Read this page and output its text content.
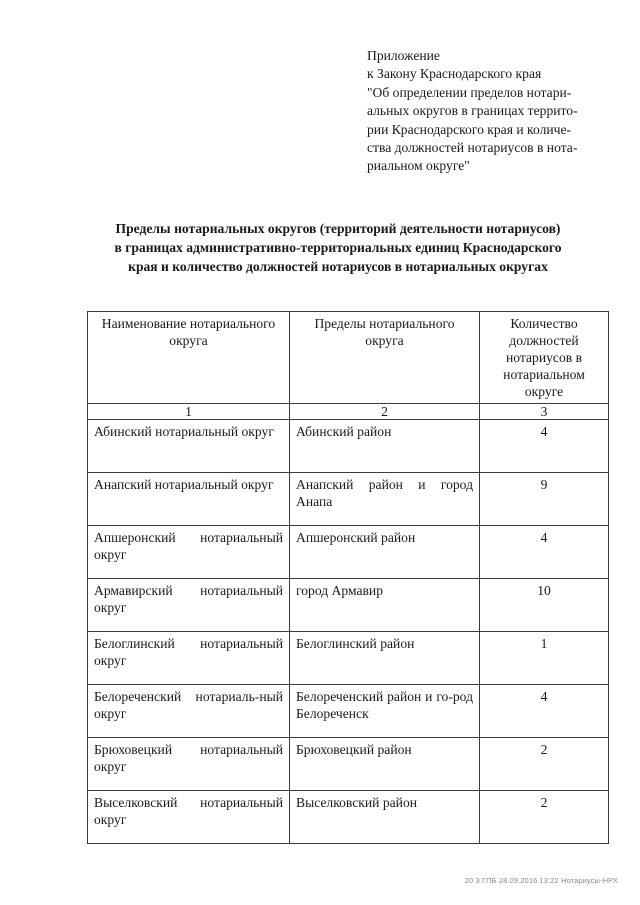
Приложение
к Закону Краснодарского края
"Об определении пределов нотари-
альных округов в границах террито-
рии Краснодарского края и количе-
ства должностей нотариусов в нота-
риальном округе"
Пределы нотариальных округов (территорий деятельности нотариусов)
в границах административно-территориальных единиц Краснодарского
края и количество должностей нотариусов в нотариальных округах
Наименование нотариального округа	Пределы нотариального округа	Количество должностей нотариусов в нотариальном округе
1	2	3
Абинский нотариальный округ	Абинский район	4
Анапский нотариальный округ	Анапский район и город Анапа	9
Апшеронский нотариальный округ	Апшеронский район	4
Армавирский нотариальный округ	город Армавир	10
Белоглинский нотариальный округ	Белоглинский район	1
Белореченский нотариаль-ный округ	Белореченский район и го-род Белореченск	4
Брюховецкий нотариальный округ	Брюховецкий район	2
Выселковский нотариальный округ	Выселковский район	2
20 3 ГПБ 28.09.2016 13:22 Нотариусы-НРХ
